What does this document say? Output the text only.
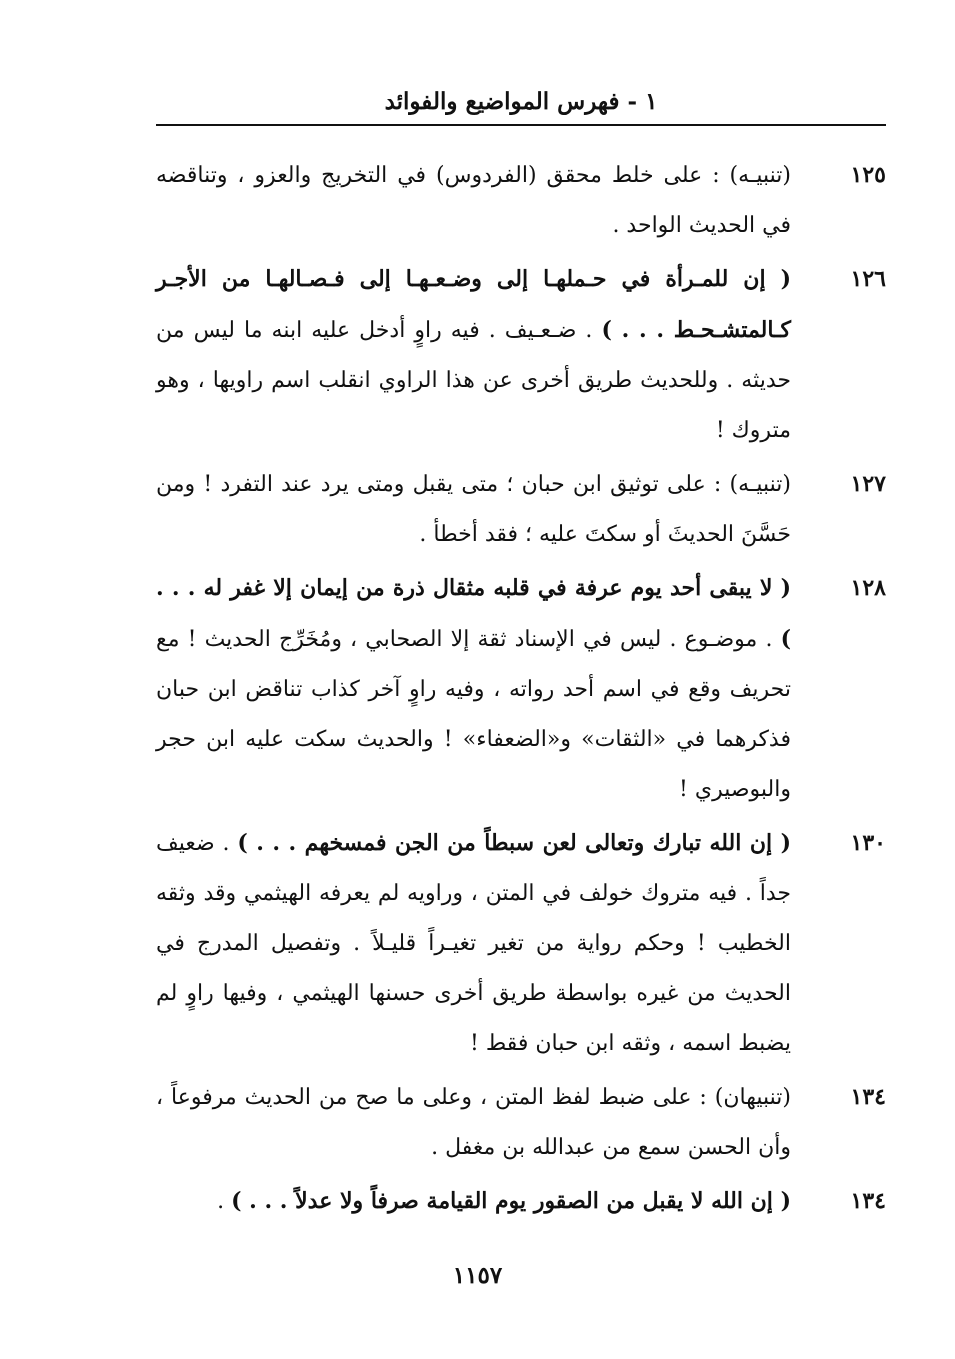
١ - فهرس المواضيع والفوائد
١٢٥
(تنبيـه) : على خلط محقق (الفردوس) في التخريج والعزو ، وتناقضه في الحديث الواحد .
١٢٦
( إن للمـرأة في حـملهـا إلى وضـعـهـا إلى فـصـالهـا من الأجـر كـالمتشـحـط . . . ) . ضـعـيف . فيه راوٍ أدخل عليه ابنه ما ليس من حديثه . وللحديث طريق أخرى عن هذا الراوي انقلب اسم راويها ، وهو متروك !
١٢٧
(تنبيـه) : على توثيق ابن حبان ؛ متى يقبل ومتى يرد عند التفرد ! ومن حَسَّنَ الحديثَ أو سكتَ عليه ؛ فقد أخطأ .
١٢٨
( لا يبقى أحد يوم عرفة في قلبه مثقال ذرة من إيمان إلا غفر له . . . ) . موضـوع . ليس في الإسناد ثقة إلا الصحابي ، ومُخَرِّج الحديث ! مع تحريف وقع في اسم أحد رواته ، وفيه راوٍ آخر كذاب تناقض ابن حبان فذكرهما في «الثقات» و«الضعفاء» ! والحديث سكت عليه ابن حجر والبوصيري !
١٣٠
( إن الله تبارك وتعالى لعن سبطاً من الجن فمسخهم . . . ) . ضعيف جداً . فيه متروك خولف في المتن ، وراويه لم يعرفه الهيثمي وقد وثقه الخطيب ! وحكم رواية من تغير تغيـراً قليـلاً . وتفصيل المدرج في الحديث من غيره بواسطة طريق أخرى حسنها الهيثمي ، وفيها راوٍ لم يضبط اسمه ، وثقه ابن حبان فقط !
١٣٤
(تنبيهان) : على ضبط لفظ المتن ، وعلى ما صح من الحديث مرفوعاً ، وأن الحسن سمع من عبدالله بن مغفل .
١٣٤
( إن الله لا يقبل من الصقور يوم القيامة صرفاً ولا عدلاً . . . ) .
١١٥٧
